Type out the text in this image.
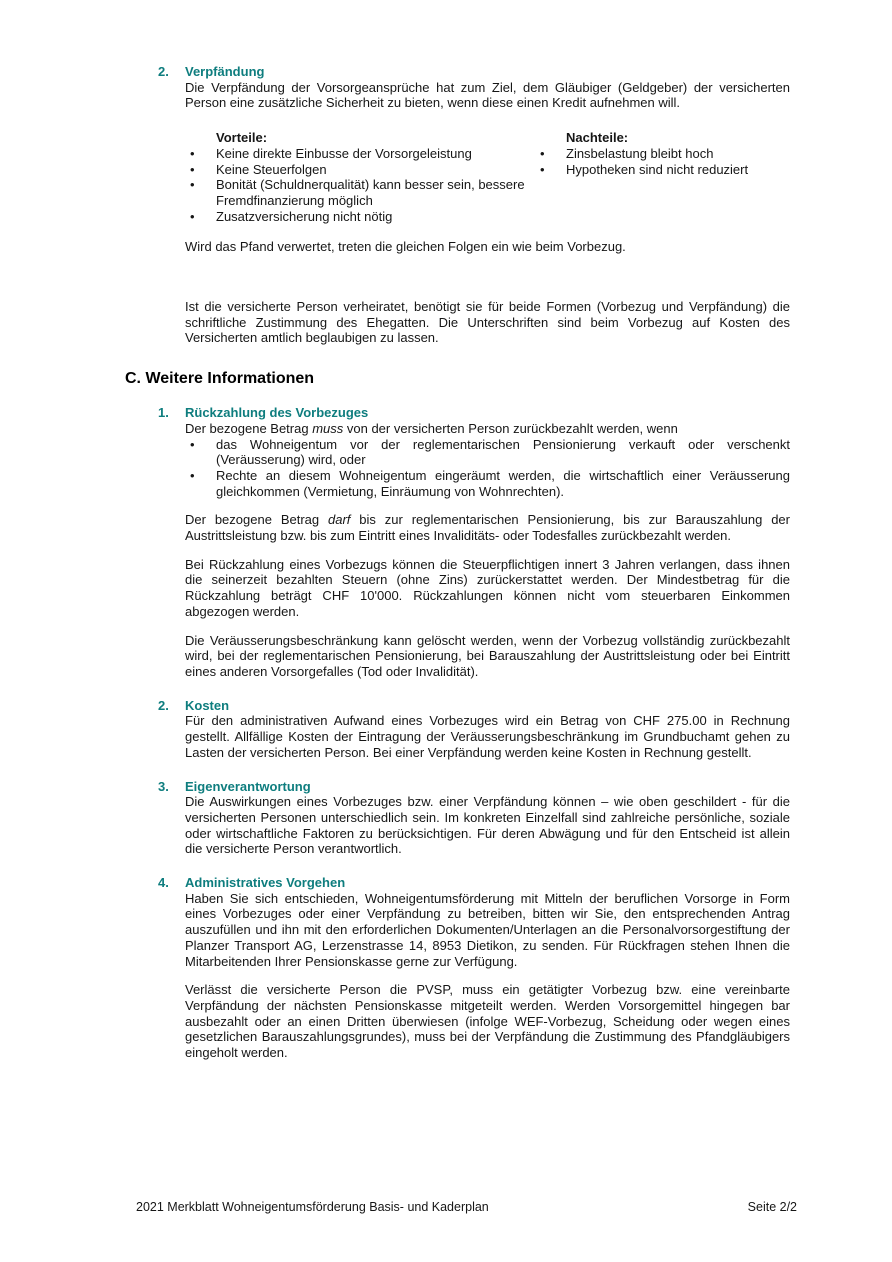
2.	Verpfändung

Die Verpfändung der Vorsorgeansprüche hat zum Ziel, dem Gläubiger (Geldgeber) der versicherten Person eine zusätzliche Sicherheit zu bieten, wenn diese einen Kredit aufnehmen will.

Vorteile:
• Keine direkte Einbusse der Vorsorgeleistung
• Keine Steuerfolgen
• Bonität (Schuldnerqualität) kann besser sein, bessere Fremdfinanzierung möglich
• Zusatzversicherung nicht nötig
Nachteile:
• Zinsbelastung bleibt hoch
• Hypotheken sind nicht reduziert

Wird das Pfand verwertet, treten die gleichen Folgen ein wie beim Vorbezug.

Ist die versicherte Person verheiratet, benötigt sie für beide Formen (Vorbezug und Verpfändung) die schriftliche Zustimmung des Ehegatten. Die Unterschriften sind beim Vorbezug auf Kosten des Versicherten amtlich beglaubigen zu lassen.

C. Weitere Informationen
1.	Rückzahlung des Vorbezuges

Der bezogene Betrag muss von der versicherten Person zurückbezahlt werden, wenn

• das Wohneigentum vor der reglementarischen Pensionierung verkauft oder verschenkt (Veräusserung) wird, oder
• Rechte an diesem Wohneigentum eingeräumt werden, die wirtschaftlich einer Veräusserung gleichkommen (Vermietung, Einräumung von Wohnrechten).

Der bezogene Betrag darf bis zur reglementarischen Pensionierung, bis zur Barauszahlung der Austrittsleistung bzw. bis zum Eintritt eines Invaliditäts- oder Todesfalles zurückbezahlt werden.

Bei Rückzahlung eines Vorbezugs können die Steuerpflichtigen innert 3 Jahren verlangen, dass ihnen die seinerzeit bezahlten Steuern (ohne Zins) zurückerstattet werden. Der Mindestbetrag für die Rückzahlung beträgt CHF 10'000. Rückzahlungen können nicht vom steuerbaren Einkommen abgezogen werden.

Die Veräusserungsbeschränkung kann gelöscht werden, wenn der Vorbezug vollständig zurückbezahlt wird, bei der reglementarischen Pensionierung, bei Barauszahlung der Austrittsleistung oder bei Eintritt eines anderen Vorsorgefalles (Tod oder Invalidität).

2.	Kosten

Für den administrativen Aufwand eines Vorbezuges wird ein Betrag von CHF 275.00 in Rechnung gestellt. Allfällige Kosten der Eintragung der Veräusserungsbeschränkung im Grundbuchamt gehen zu Lasten der versicherten Person. Bei einer Verpfändung werden keine Kosten in Rechnung gestellt.

3.	Eigenverantwortung

Die Auswirkungen eines Vorbezuges bzw. einer Verpfändung können – wie oben geschildert - für die versicherten Personen unterschiedlich sein. Im konkreten Einzelfall sind zahlreiche persönliche, soziale oder wirtschaftliche Faktoren zu berücksichtigen. Für deren Abwägung und für den Entscheid ist allein die versicherte Person verantwortlich.

4.	Administratives Vorgehen

Haben Sie sich entschieden, Wohneigentumsförderung mit Mitteln der beruflichen Vorsorge in Form eines Vorbezuges oder einer Verpfändung zu betreiben, bitten wir Sie, den entsprechenden Antrag auszufüllen und ihn mit den erforderlichen Dokumenten/Unterlagen an die Personalvorsorgestiftung der Planzer Transport AG, Lerzenstrasse 14, 8953 Dietikon, zu senden. Für Rückfragen stehen Ihnen die Mitarbeitenden Ihrer Pensionskasse gerne zur Verfügung.

Verlässt die versicherte Person die PVSP, muss ein getätigter Vorbezug bzw. eine vereinbarte Verpfändung der nächsten Pensionskasse mitgeteilt werden. Werden Vorsorgemittel hingegen bar ausbezahlt oder an einen Dritten überwiesen (infolge WEF-Vorbezug, Scheidung oder wegen eines gesetzlichen Barauszahlungsgrundes), muss bei der Verpfändung die Zustimmung des Pfandgläubigers eingeholt werden.

2021 Merkblatt Wohneigentumsförderung Basis- und Kaderplan	Seite 2/2
